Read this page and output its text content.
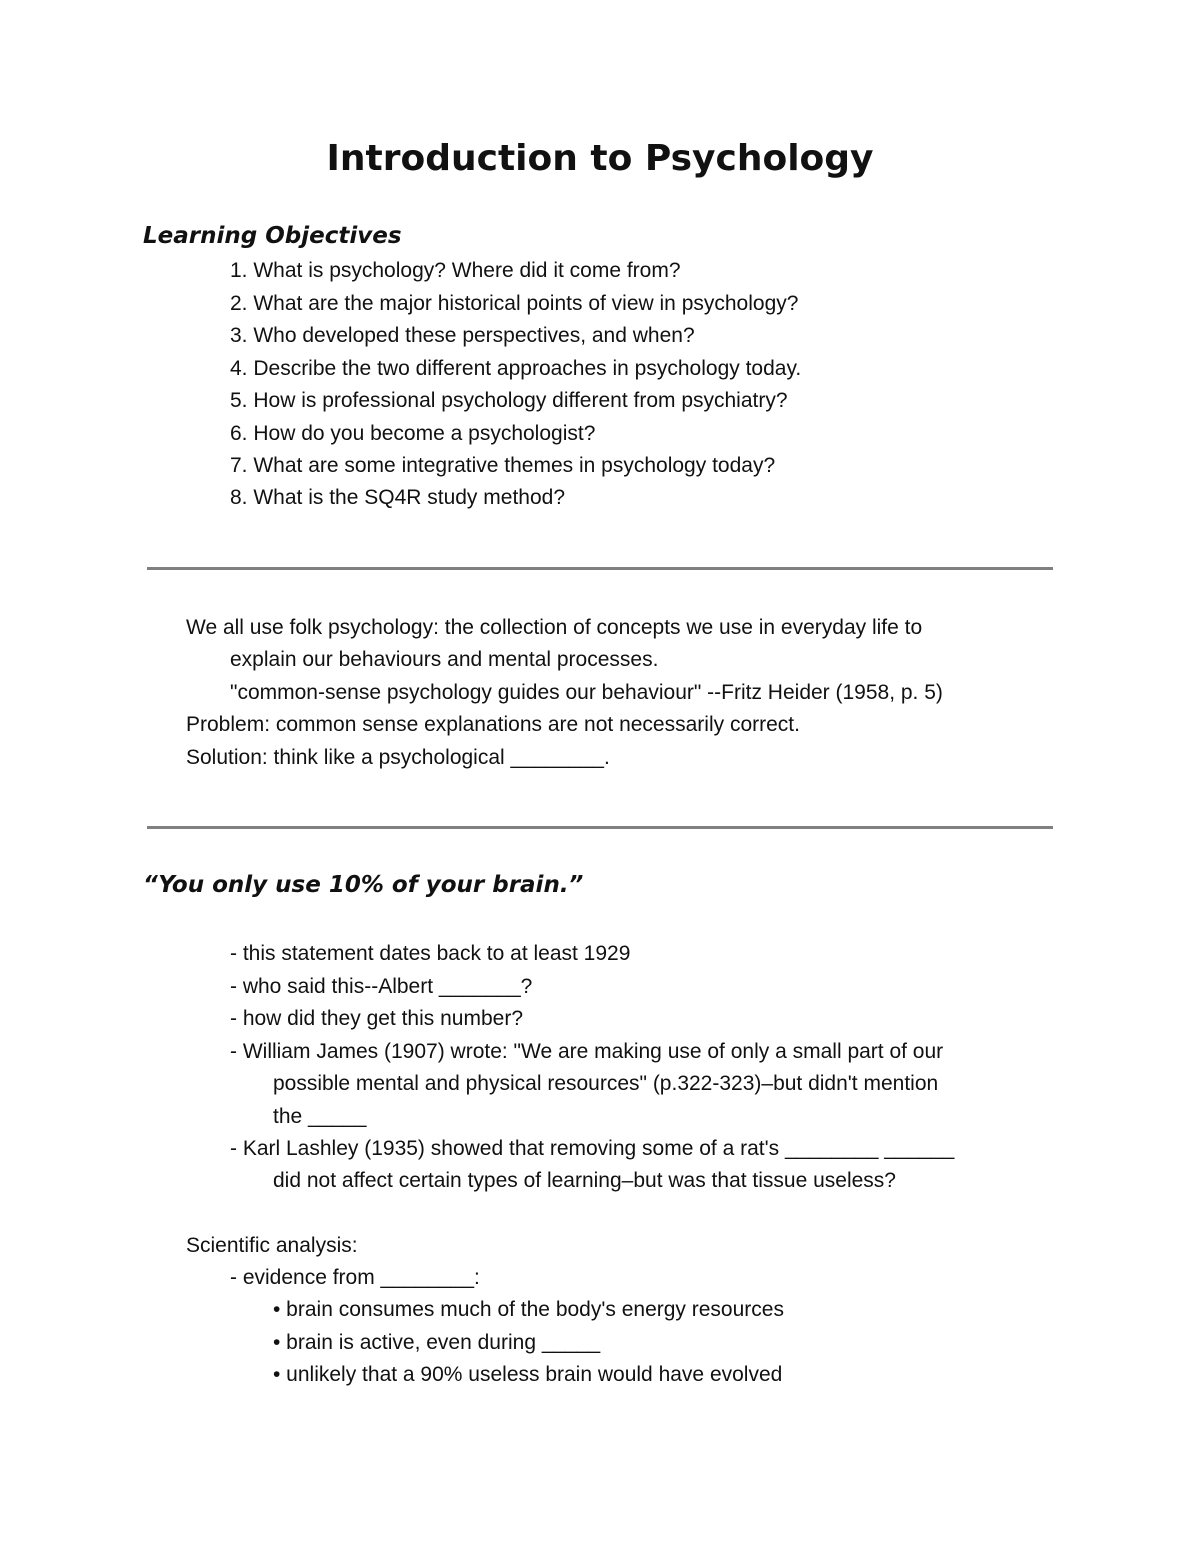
Introduction to Psychology
Learning Objectives
1. What is psychology? Where did it come from?
2. What are the major historical points of view in psychology?
3. Who developed these perspectives, and when?
4. Describe the two different approaches in psychology today.
5. How is professional psychology different from psychiatry?
6. How do you become a psychologist?
7. What are some integrative themes in psychology today?
8. What is the SQ4R study method?

We all use folk psychology: the collection of concepts we use in everyday life to

explain our behaviours and mental processes.

"common-sense psychology guides our behaviour" --Fritz Heider (1958, p. 5)

Problem: common sense explanations are not necessarily correct.

Solution: think like a psychological ________.

“You only use 10% of your brain.”

- this statement dates back to at least 1929

- who said this--Albert _______?

- how did they get this number?

- William James (1907) wrote: "We are making use of only a small part of our

possible mental and physical resources" (p.322-323)–but didn't mention

the _____

- Karl Lashley (1935) showed that removing some of a rat's ________ ______

did not affect certain types of learning–but was that tissue useless?

Scientific analysis:

- evidence from ________:

• brain consumes much of the body's energy resources

• brain is active, even during _____

• unlikely that a 90% useless brain would have evolved
